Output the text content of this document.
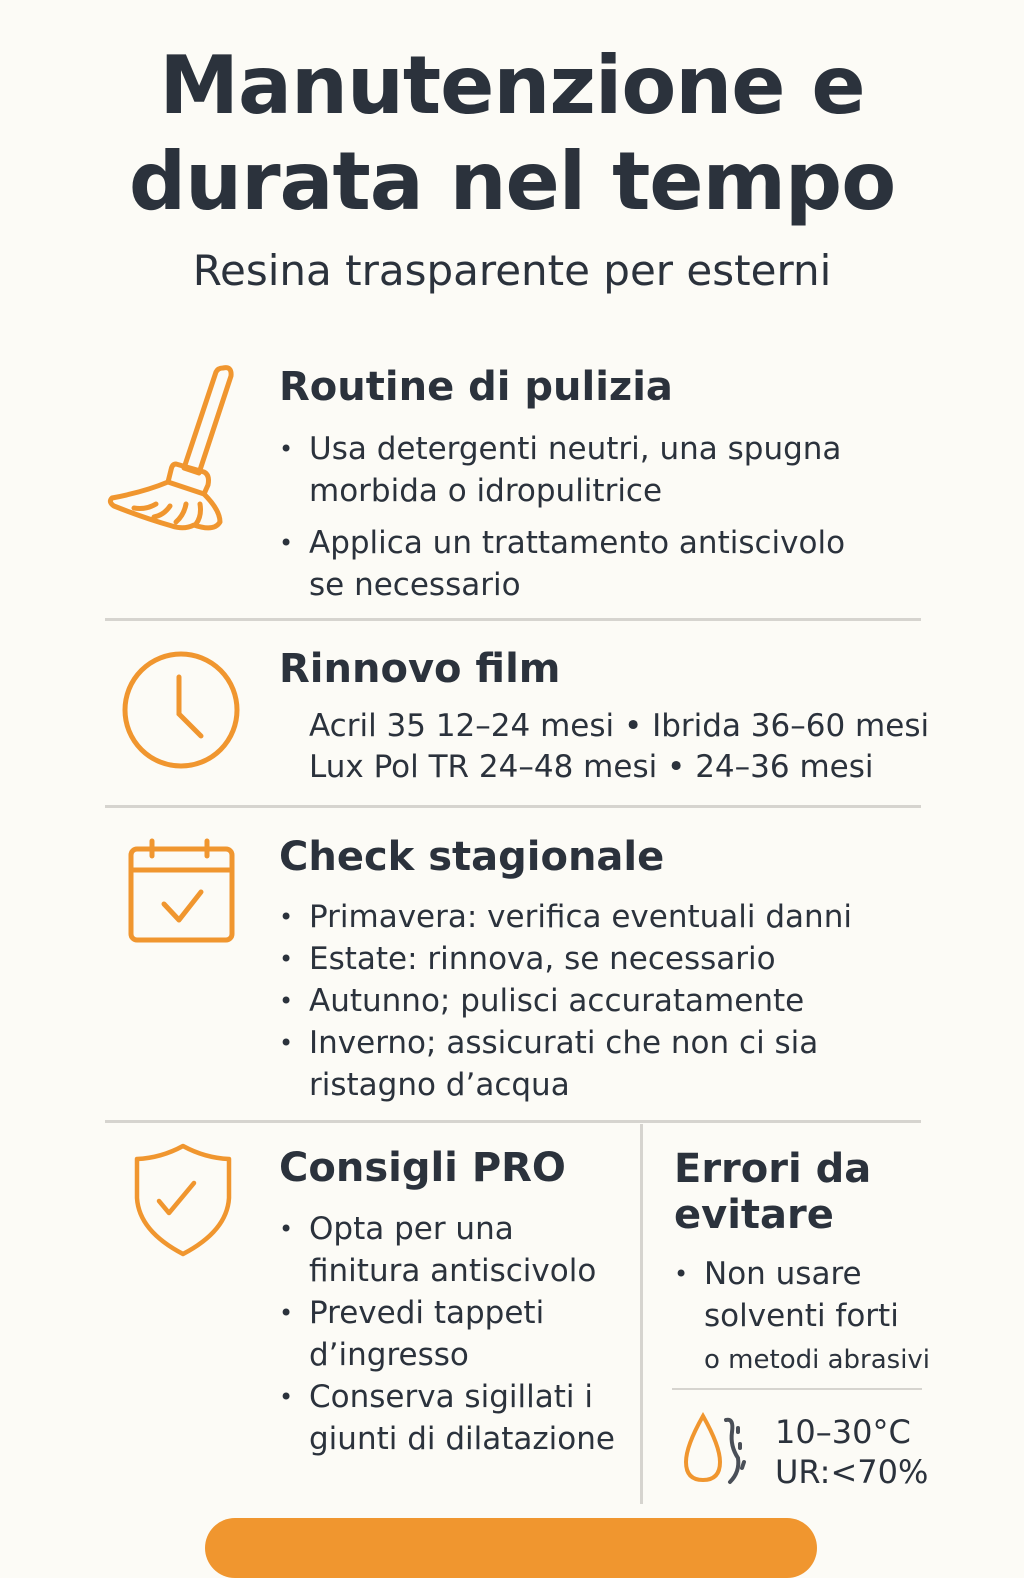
Manutenzione e
durata nel tempo
Resina trasparente per esterni
Routine di pulizia
• Usa detergenti neutri, una spugna morbida o idropulitrice
• Applica un trattamento antiscivolo se necessario
Rinnovo film
Acril 35 12–24 mesi • Ibrida 36–60 mesi
Lux Pol TR 24–48 mesi • 24–36 mesi
Check stagionale
• Primavera: verifica eventuali danni
• Estate: rinnova, se necessario
• Autunno; pulisci accuratamente
• Inverno; assicurati che non ci sia ristagno d’acqua
Consigli PRO
• Opta per una finitura antiscivolo
• Prevedi tappeti d’ingresso
• Conserva sigillati i giunti di dilatazione
Errori da evitare
• Non usare solventi forti
o metodi abrasivi
10–30°C
UR:<70%
